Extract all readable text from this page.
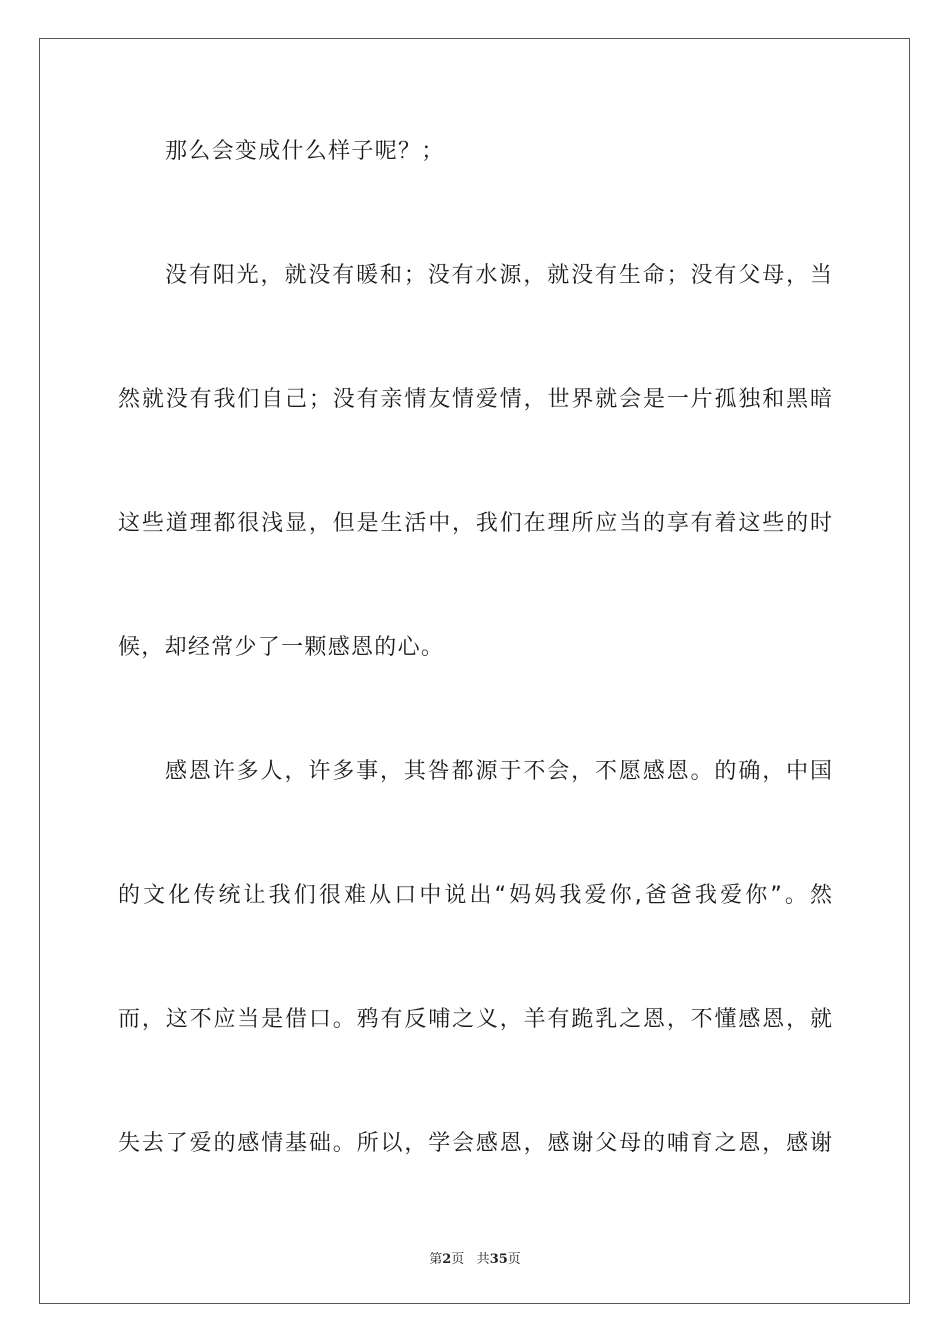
那么会变成什么样子呢？；
没有阳光，就没有暖和；没有水源，就没有生命；没有父母，当
然就没有我们自己；没有亲情友情爱情，世界就会是一片孤独和黑暗
这些道理都很浅显，但是生活中，我们在理所应当的享有着这些的时
候，却经常少了一颗感恩的心。
感恩许多人，许多事，其咎都源于不会，不愿感恩。的确，中国
的文化传统让我们很难从口中说出“妈妈我爱你,爸爸我爱你”。然
而，这不应当是借口。鸦有反哺之义，羊有跪乳之恩，不懂感恩，就
失去了爱的感情基础。所以，学会感恩，感谢父母的哺育之恩，感谢
第2页 共35页
